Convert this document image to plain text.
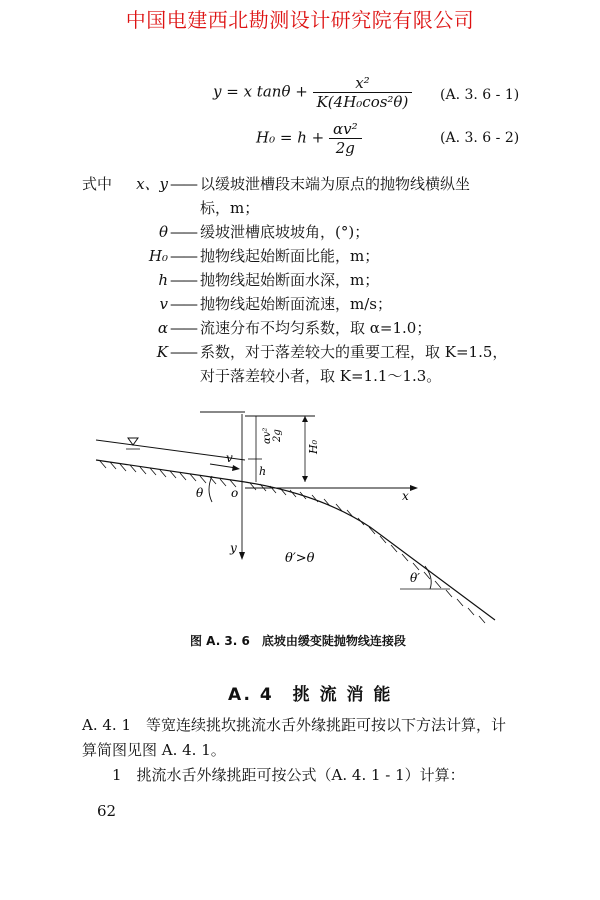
中国电建西北勘测设计研究院有限公司
y = x $\tan\theta + \frac{\text{x²}}{\text{K(4H₀cos²θ)}} (A$. 3. 6 - 1)
$H_0 = h + \frac{\text{αv²}}{2g}$	(A. 3. 6 - 2)
式中	x、y —— 以缓坡泄槽段末端为原点的抛物线横纵坐
标，m；
θ —— 缓坡泄槽底坡坡角，(°)；
H₀ —— 抛物线起始断面比能，m；
h —— 抛物线起始断面水深，m；
v —— 抛物线起始断面流速，m/s；
α —— 流速分布不均匀系数，取 α=1.0；
K —— 系数，对于落差较大的重要工程，取 K=1.5，
对于落差较小者，取 K=1.1～1.3。
v
θ o	x
y
h
H₀
αv² 2g
θ′
θ′>θ
图 A. 3. 6　底坡由缓变陡抛物线连接段
A. 4　挑 流 消 能
A. 4. 1　等宽连续挑坎挑流水舌外缘挑距可按以下方法计算，计
算简图见图 A. 4. 1。
1　挑流水舌外缘挑距可按公式（A. 4. 1 - 1）计算：
62
